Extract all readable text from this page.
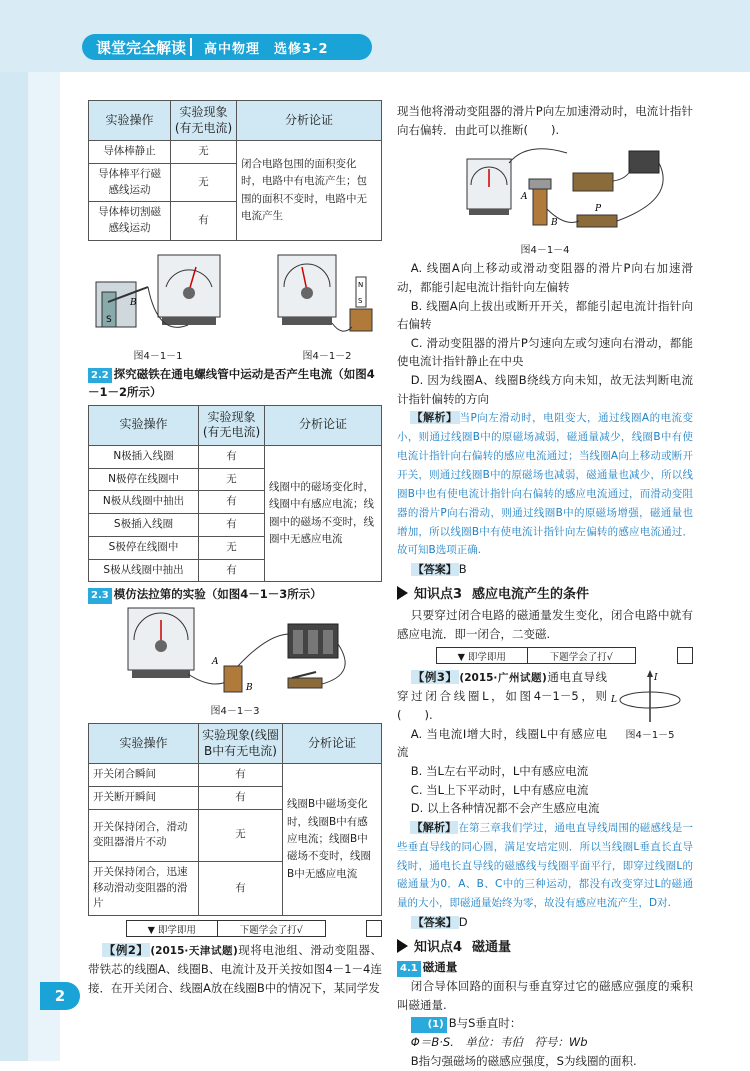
课堂完全解读 高中物理　选修3-2
2
实验操作	实验现象
(有无电流)	分析论证
导体棒静止	无	闭合电路包围的面积变化时，电路中有电流产生；包围的面积不变时，电路中无电流产生
导体棒平行磁感线运动	无	
导体棒切割磁感线运动	有	
S
B
图4－1－1
N
S
图4－1－2
2.2 探究磁铁在通电螺线管中运动是否产生电流（如图4－1－2所示）
实验操作	实验现象
(有无电流)	分析论证
N极插入线圈	有	线圈中的磁场变化时，线圈中有感应电流；线圈中的磁场不变时，线圈中无感应电流
N极停在线圈中	无	
N极从线圈中抽出	有	
S极插入线圈	有	
S极停在线圈中	无	
S极从线圈中抽出	有	
2.3 模仿法拉第的实验（如图4－1－3所示）
A
B
图4－1－3
实验操作	实验现象(线圈
B中有无电流)	分析论证
开关闭合瞬间	有	线圈B中磁场变化时，线圈B中有感应电流；线圈B中磁场不变时，线圈B中无感应电流
开关断开瞬间	有	
开关保持闭合，滑动变阻器滑片不动	无	
开关保持闭合，迅速移动滑动变阻器的滑片	有	
▼ 即学即用	下题学会了打√
【例2】 (2015·天津试题)现将电池组、滑动变阻器、带铁芯的线圈A、线圈B、电流计及开关按如图4－1－4连接．在开关闭合、线圈A放在线圈B中的情况下，某同学发
现当他将滑动变阻器的滑片P向左加速滑动时，电流计指针向右偏转．由此可以推断(　　).
A
B
P
图4－1－4
A. 线圈A向上移动或滑动变阻器的滑片P向右加速滑动，都能引起电流计指针向左偏转
B. 线圈A向上拔出或断开开关，都能引起电流计指针向右偏转
C. 滑动变阻器的滑片P匀速向左或匀速向右滑动，都能使电流计指针静止在中央
D. 因为线圈A、线圈B绕线方向未知，故无法判断电流计指针偏转的方向
【解析】 当P向左滑动时，电阻变大，通过线圈A的电流变小，则通过线圈B中的原磁场减弱，磁通量减少，线圈B中有使电流计指针向右偏转的感应电流通过；当线圈A向上移动或断开开关，则通过线圈B中的原磁场也减弱，磁通量也减少，所以线圈B中也有使电流计指针向右偏转的感应电流通过，而滑动变阻器的滑片P向右滑动，则通过线圈B中的原磁场增强，磁通量也增加，所以线圈B中有使电流计指针向左偏转的感应电流通过．故可知B选项正确.
【答案】 B
知识点3 感应电流产生的条件
只要穿过闭合电路的磁通量发生变化，闭合电路中就有感应电流．即一闭合，二变磁.
▼ 即学即用	下题学会了打√
【例3】 (2015·广州试题)通电直导线穿过闭合线圈L，如图4－1－5，则(　　).
A. 当电流I增大时，线圈L中有感应电流
I
L
图4－1－5
B. 当L左右平动时，L中有感应电流
C. 当L上下平动时，L中有感应电流
D. 以上各种情况都不会产生感应电流
【解析】 在第三章我们学过，通电直导线周围的磁感线是一些垂直导线的同心圆，满足安培定则．所以当线圈L垂直长直导线时，通电长直导线的磁感线与线圈平面平行，即穿过线圈L的磁通量为0．A、B、C中的三种运动，都没有改变穿过L的磁通量的大小，即磁通量始终为零，故没有感应电流产生，D对.
【答案】 D
知识点4 磁通量
4.1 磁通量
闭合导体回路的面积与垂直穿过它的磁感应强度的乘积叫磁通量.
(1) B与S垂直时：
Φ＝B·S.　单位：韦伯　符号：Wb
B指匀强磁场的磁感应强度，S为线圈的面积.
